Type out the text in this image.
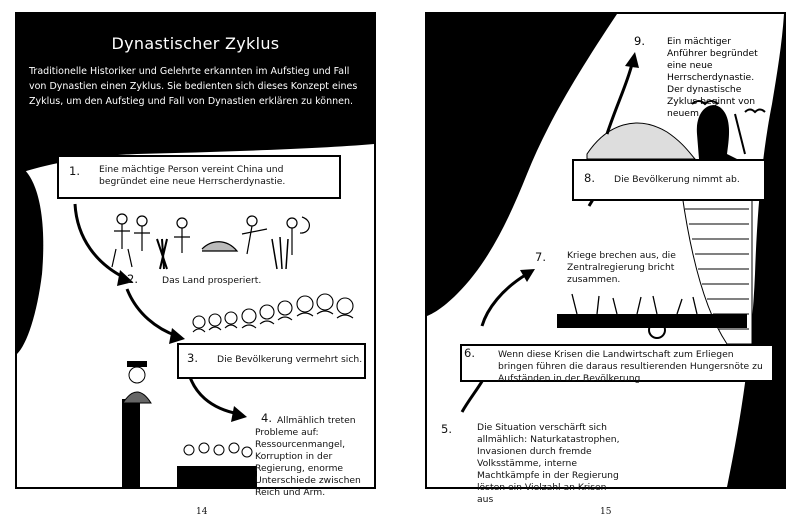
Dynastischer Zyklus
Traditionelle Historiker und Gelehrte erkannten im Aufstieg und Fall von Dynastien einen Zyklus. Sie bedienten sich dieses Konzept eines Zyklus, um den Aufstieg und Fall von Dynastien erklären zu können.
1. Eine mächtige Person vereint China und begründet eine neue Herrscherdynastie.
2.	Das Land prosperiert.
3. Die Bevölkerung vermehrt sich.
4. Allmählich treten Probleme auf: Ressourcenmangel, Korruption in der Regierung, enorme Unterschiede zwischen Reich und Arm.
14
9. Ein mächtiger Anführer begründet eine neue Herrscherdynastie. Der dynastische Zyklus beginnt von neuem.
8. Die Bevölkerung nimmt ab.
7. Kriege brechen aus, die Zentralregierung bricht zusammen.
6.	Wenn diese Krisen die Landwirtschaft zum Erliegen bringen führen die daraus resultierenden Hungersnöte zu Aufständen in der Bevölkerung
5.	Die Situation verschärft sich allmählich: Naturkatastrophen, Invasionen durch fremde Volksstämme, interne Machtkämpfe in der Regierung lösten ein Vielzahl an Krisen aus
15
